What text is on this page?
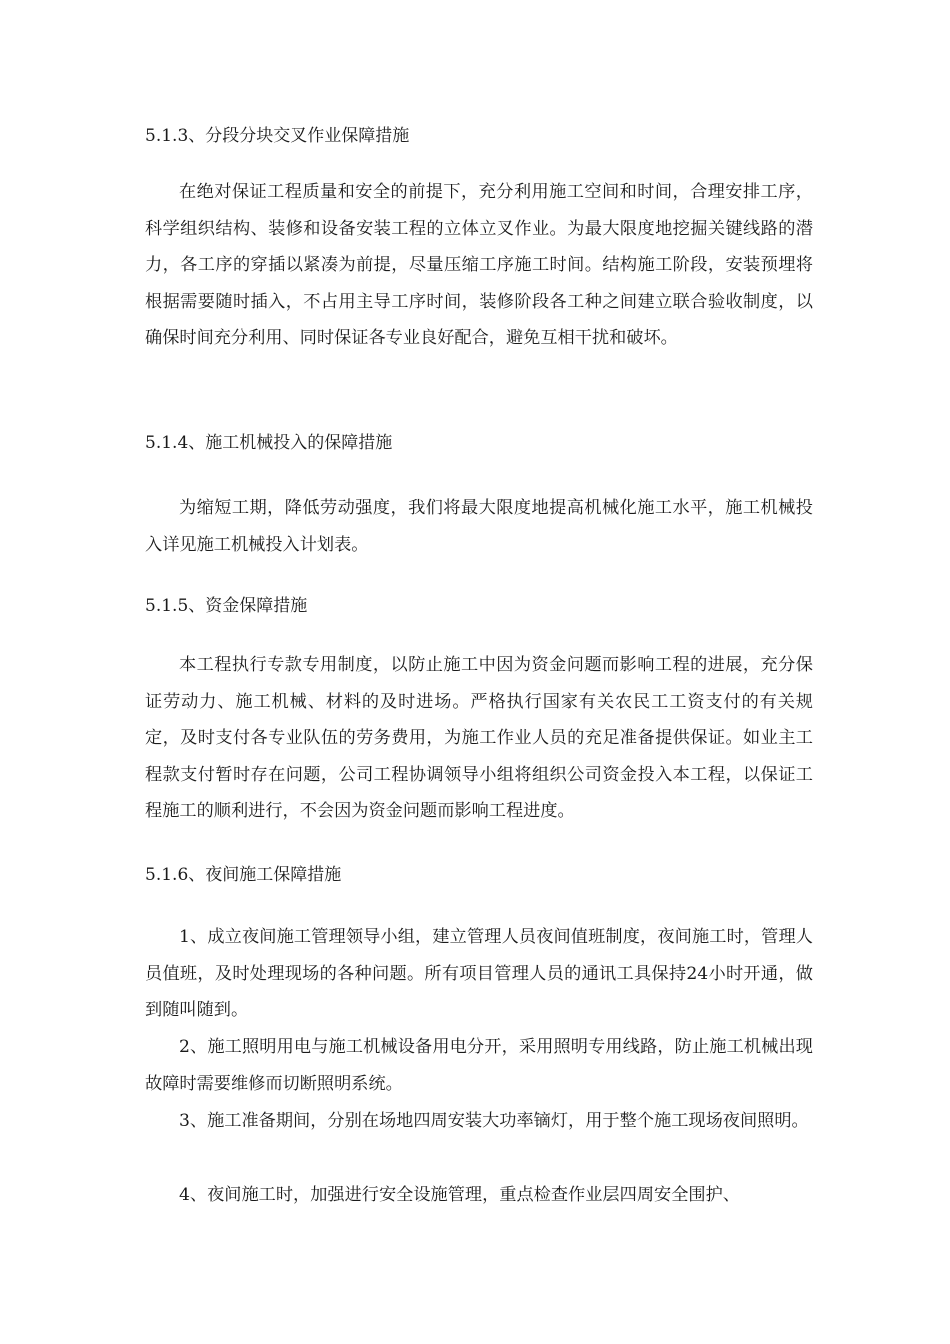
5.1.3、分段分块交叉作业保障措施
在绝对保证工程质量和安全的前提下，充分利用施工空间和时间，合理安排工序，科学组织结构、装修和设备安装工程的立体立叉作业。为最大限度地挖掘关键线路的潜力，各工序的穿插以紧凑为前提，尽量压缩工序施工时间。结构施工阶段，安装预埋将根据需要随时插入，不占用主导工序时间，装修阶段各工种之间建立联合验收制度，以确保时间充分利用、同时保证各专业良好配合，避免互相干扰和破坏。
5.1.4、施工机械投入的保障措施
为缩短工期，降低劳动强度，我们将最大限度地提高机械化施工水平，施工机械投入详见施工机械投入计划表。
5.1.5、资金保障措施
本工程执行专款专用制度，以防止施工中因为资金问题而影响工程的进展，充分保证劳动力、施工机械、材料的及时进场。严格执行国家有关农民工工资支付的有关规定，及时支付各专业队伍的劳务费用，为施工作业人员的充足准备提供保证。如业主工程款支付暂时存在问题，公司工程协调领导小组将组织公司资金投入本工程，以保证工程施工的顺利进行，不会因为资金问题而影响工程进度。
5.1.6、夜间施工保障措施
1、成立夜间施工管理领导小组，建立管理人员夜间值班制度，夜间施工时，管理人员值班，及时处理现场的各种问题。所有项目管理人员的通讯工具保持24小时开通，做到随叫随到。
2、施工照明用电与施工机械设备用电分开，采用照明专用线路，防止施工机械出现故障时需要维修而切断照明系统。
3、施工准备期间，分别在场地四周安装大功率镝灯，用于整个施工现场夜间照明。
4、夜间施工时，加强进行安全设施管理，重点检查作业层四周安全围护、
